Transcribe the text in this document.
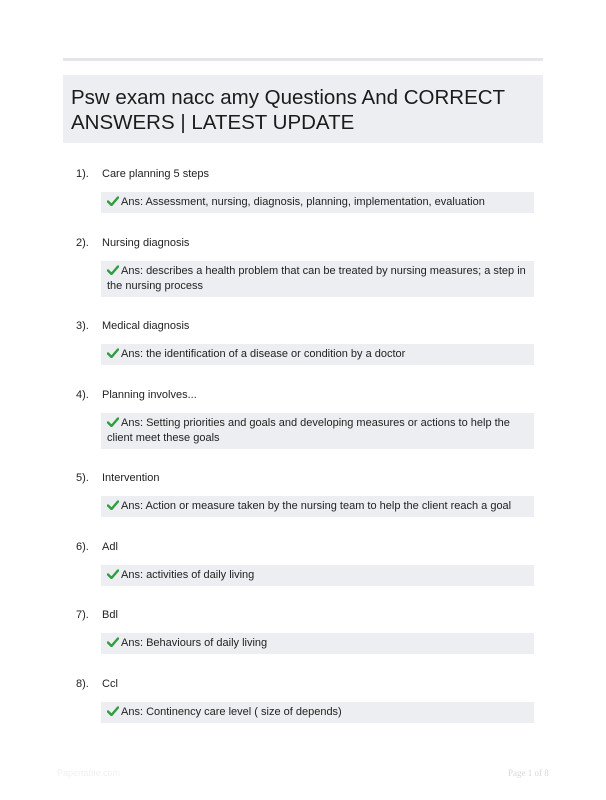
Psw exam nacc amy Questions And CORRECT ANSWERS | LATEST UPDATE
1). Care planning 5 steps
Ans: Assessment, nursing, diagnosis, planning, implementation, evaluation
2). Nursing diagnosis
Ans: describes a health problem that can be treated by nursing measures; a step in the nursing process
3). Medical diagnosis
Ans: the identification of a disease or condition by a doctor
4). Planning involves...
Ans: Setting priorities and goals and developing measures or actions to help the client meet these goals
5). Intervention
Ans: Action or measure taken by the nursing team to help the client reach a goal
6). Adl
Ans: activities of daily living
7). Bdl
Ans: Behaviours of daily living
8). Ccl
Ans: Continency care level ( size of depends)
Papertable.com	Page 1 of 8
